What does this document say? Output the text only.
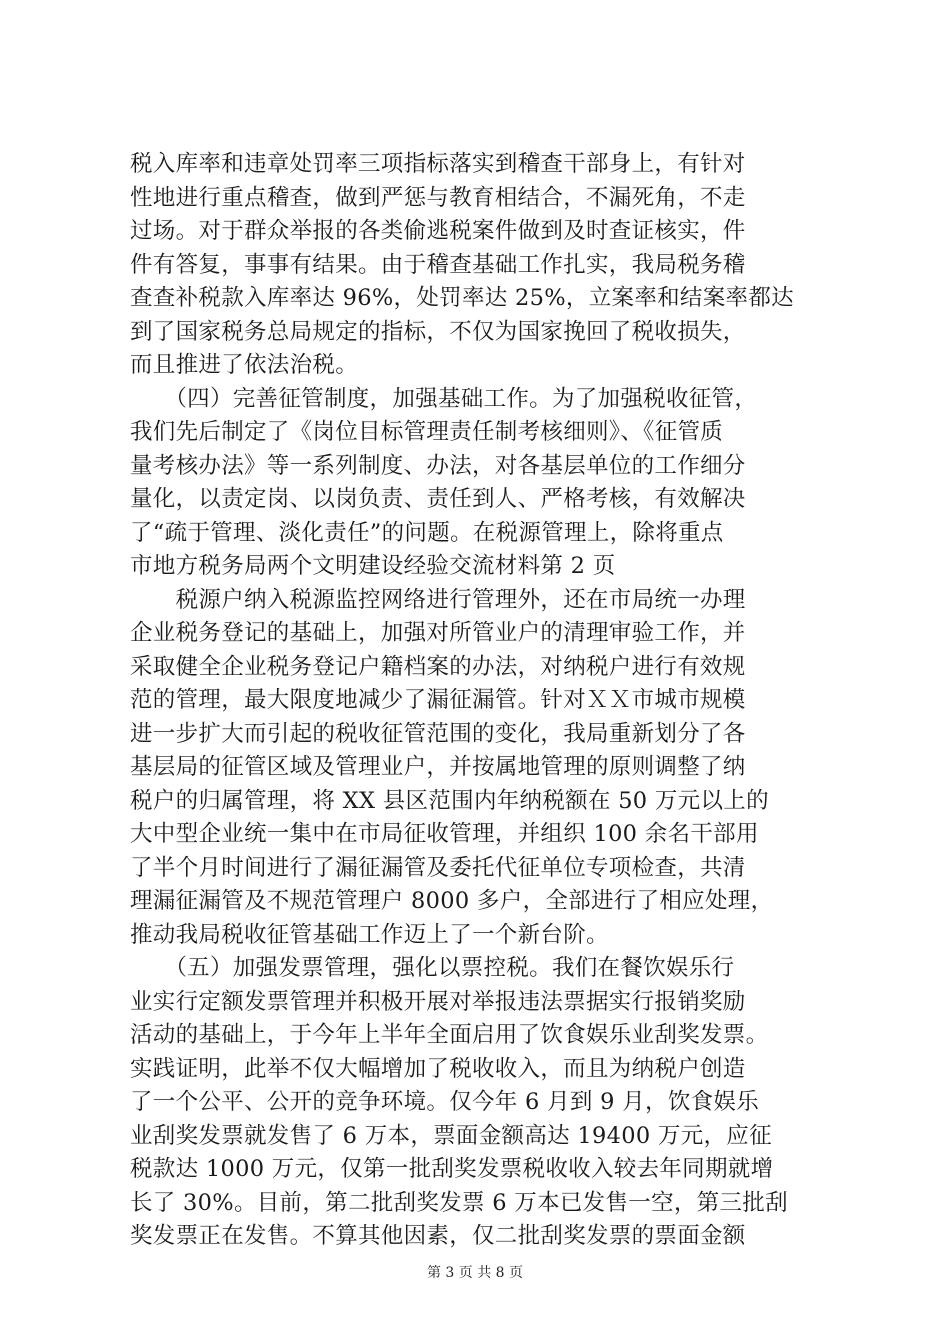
税入库率和违章处罚率三项指标落实到稽查干部身上，有针对
性地进行重点稽查，做到严惩与教育相结合，不漏死角，不走
过场。对于群众举报的各类偷逃税案件做到及时查证核实，件
件有答复，事事有结果。由于稽查基础工作扎实，我局税务稽
查查补税款入库率达 96%，处罚率达 25%，立案率和结案率都达
到了国家税务总局规定的指标，不仅为国家挽回了税收损失，
而且推进了依法治税。
　　（四）完善征管制度，加强基础工作。为了加强税收征管，
我们先后制定了《岗位目标管理责任制考核细则》、《征管质
量考核办法》等一系列制度、办法，对各基层单位的工作细分
量化，以责定岗、以岗负责、责任到人、严格考核，有效解决
了“疏于管理、淡化责任”的问题。在税源管理上，除将重点
市地方税务局两个文明建设经验交流材料第 2 页
　　税源户纳入税源监控网络进行管理外，还在市局统一办理
企业税务登记的基础上，加强对所管业户的清理审验工作，并
采取健全企业税务登记户籍档案的办法，对纳税户进行有效规
范的管理，最大限度地减少了漏征漏管。针对ＸＸ市城市规模
进一步扩大而引起的税收征管范围的变化，我局重新划分了各
基层局的征管区域及管理业户，并按属地管理的原则调整了纳
税户的归属管理，将 XX 县区范围内年纳税额在 50 万元以上的
大中型企业统一集中在市局征收管理，并组织 100 余名干部用
了半个月时间进行了漏征漏管及委托代征单位专项检查，共清
理漏征漏管及不规范管理户 8000 多户，全部进行了相应处理，
推动我局税收征管基础工作迈上了一个新台阶。
　　（五）加强发票管理，强化以票控税。我们在餐饮娱乐行
业实行定额发票管理并积极开展对举报违法票据实行报销奖励
活动的基础上，于今年上半年全面启用了饮食娱乐业刮奖发票。
实践证明，此举不仅大幅增加了税收收入，而且为纳税户创造
了一个公平、公开的竞争环境。仅今年 6 月到 9 月，饮食娱乐
业刮奖发票就发售了 6 万本，票面金额高达 19400 万元，应征
税款达 1000 万元，仅第一批刮奖发票税收收入较去年同期就增
长了 30%。目前，第二批刮奖发票 6 万本已发售一空，第三批刮
奖发票正在发售。不算其他因素，仅二批刮奖发票的票面金额
第 3 页 共 8 页
